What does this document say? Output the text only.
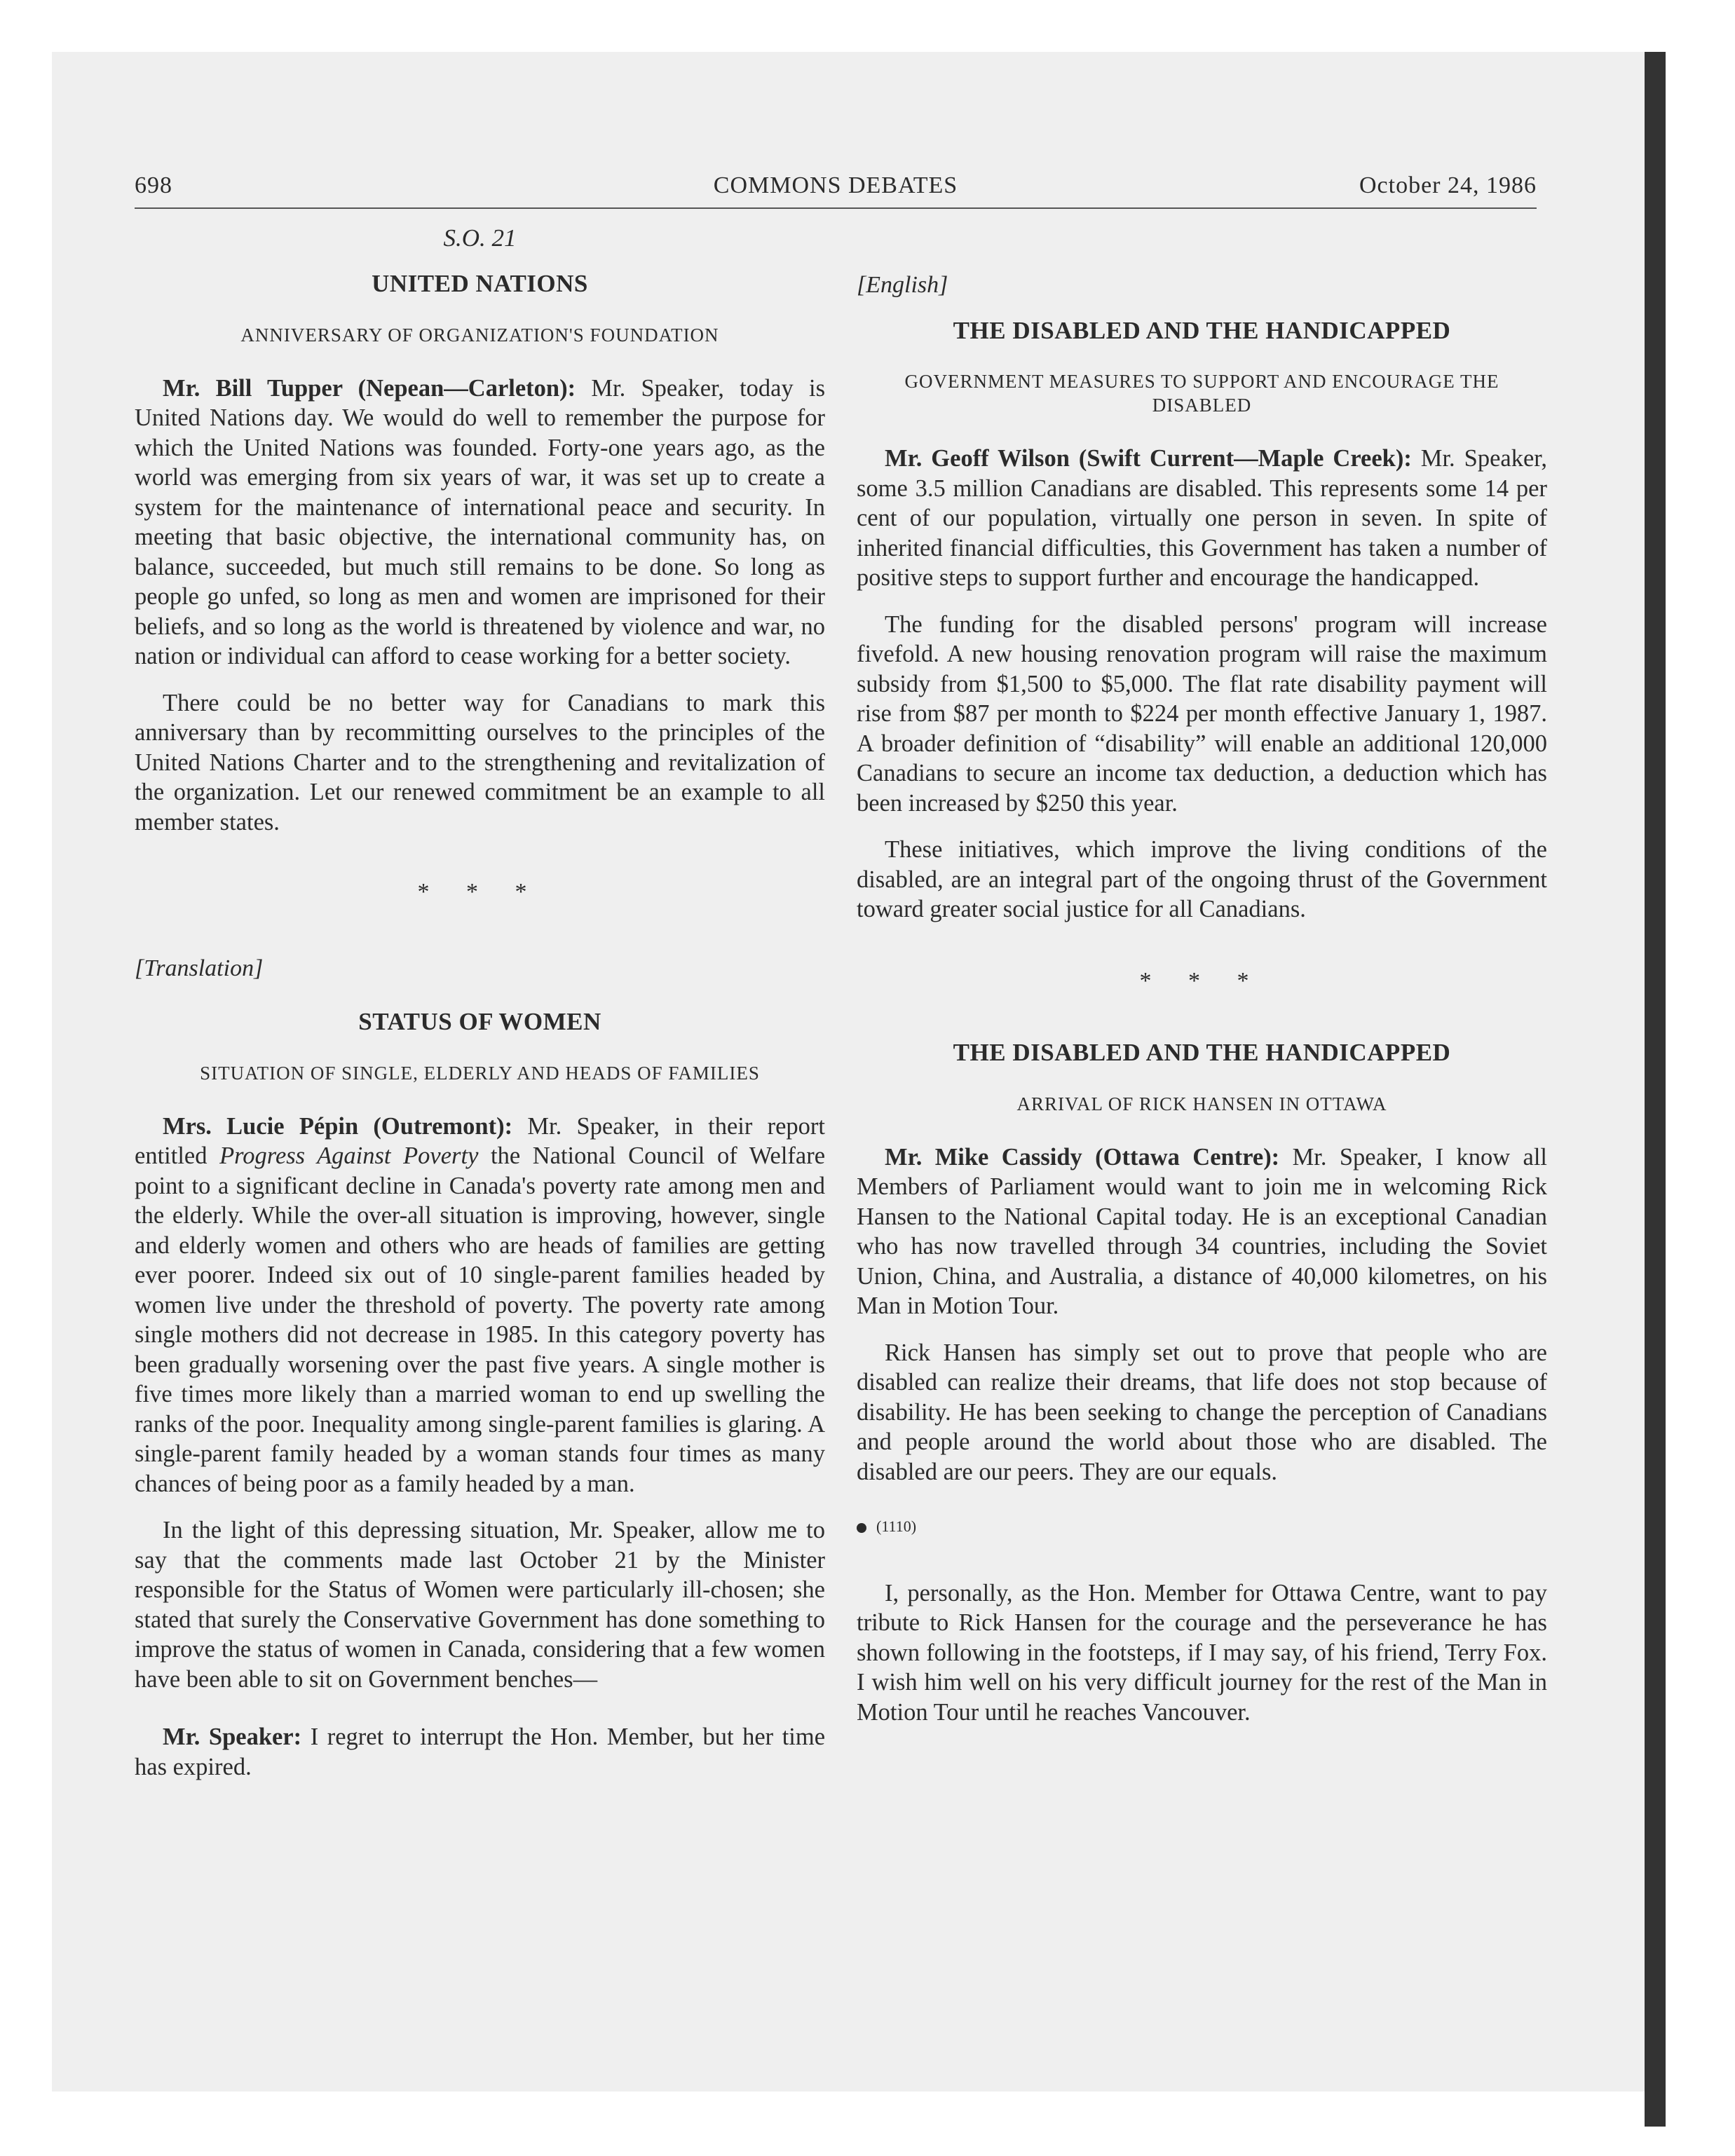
698	COMMONS DEBATES	October 24, 1986
S.O. 21

UNITED NATIONS

ANNIVERSARY OF ORGANIZATION'S FOUNDATION

Mr. Bill Tupper (Nepean—Carleton): Mr. Speaker, today is United Nations day. We would do well to remember the purpose for which the United Nations was founded. Forty-one years ago, as the world was emerging from six years of war, it was set up to create a system for the maintenance of international peace and security. In meeting that basic objective, the international community has, on balance, succeeded, but much still remains to be done. So long as people go unfed, so long as men and women are imprisoned for their beliefs, and so long as the world is threatened by violence and war, no nation or individual can afford to cease working for a better society.

There could be no better way for Canadians to mark this anniversary than by recommitting ourselves to the principles of the United Nations Charter and to the strengthening and revitalization of the organization. Let our renewed commitment be an example to all member states.

* * *

[Translation]

STATUS OF WOMEN

SITUATION OF SINGLE, ELDERLY AND HEADS OF FAMILIES

Mrs. Lucie Pépin (Outremont): Mr. Speaker, in their report entitled Progress Against Poverty the National Council of Welfare point to a significant decline in Canada's poverty rate among men and the elderly. While the over-all situation is improving, however, single and elderly women and others who are heads of families are getting ever poorer. Indeed six out of 10 single-parent families headed by women live under the threshold of poverty. The poverty rate among single mothers did not decrease in 1985. In this category poverty has been gradually worsening over the past five years. A single mother is five times more likely than a married woman to end up swelling the ranks of the poor. Inequality among single-parent families is glaring. A single-parent family headed by a woman stands four times as many chances of being poor as a family headed by a man.

In the light of this depressing situation, Mr. Speaker, allow me to say that the comments made last October 21 by the Minister responsible for the Status of Women were particularly ill-chosen; she stated that surely the Conservative Government has done something to improve the status of women in Canada, considering that a few women have been able to sit on Government benches—

Mr. Speaker: I regret to interrupt the Hon. Member, but her time has expired.

[English]

THE DISABLED AND THE HANDICAPPED

GOVERNMENT MEASURES TO SUPPORT AND ENCOURAGE THE DISABLED

Mr. Geoff Wilson (Swift Current—Maple Creek): Mr. Speaker, some 3.5 million Canadians are disabled. This represents some 14 per cent of our population, virtually one person in seven. In spite of inherited financial difficulties, this Government has taken a number of positive steps to support further and encourage the handicapped.

The funding for the disabled persons' program will increase fivefold. A new housing renovation program will raise the maximum subsidy from $1,500 to $5,000. The flat rate disability payment will rise from $87 per month to $224 per month effective January 1, 1987. A broader definition of “disability” will enable an additional 120,000 Canadians to secure an income tax deduction, a deduction which has been increased by $250 this year.

These initiatives, which improve the living conditions of the disabled, are an integral part of the ongoing thrust of the Government toward greater social justice for all Canadians.

* * *

THE DISABLED AND THE HANDICAPPED

ARRIVAL OF RICK HANSEN IN OTTAWA

Mr. Mike Cassidy (Ottawa Centre): Mr. Speaker, I know all Members of Parliament would want to join me in welcoming Rick Hansen to the National Capital today. He is an exceptional Canadian who has now travelled through 34 countries, including the Soviet Union, China, and Australia, a distance of 40,000 kilometres, on his Man in Motion Tour.

Rick Hansen has simply set out to prove that people who are disabled can realize their dreams, that life does not stop because of disability. He has been seeking to change the perception of Canadians and people around the world about those who are disabled. The disabled are our peers. They are our equals.

(1110)

I, personally, as the Hon. Member for Ottawa Centre, want to pay tribute to Rick Hansen for the courage and the perseverance he has shown following in the footsteps, if I may say, of his friend, Terry Fox. I wish him well on his very difficult journey for the rest of the Man in Motion Tour until he reaches Vancouver.
